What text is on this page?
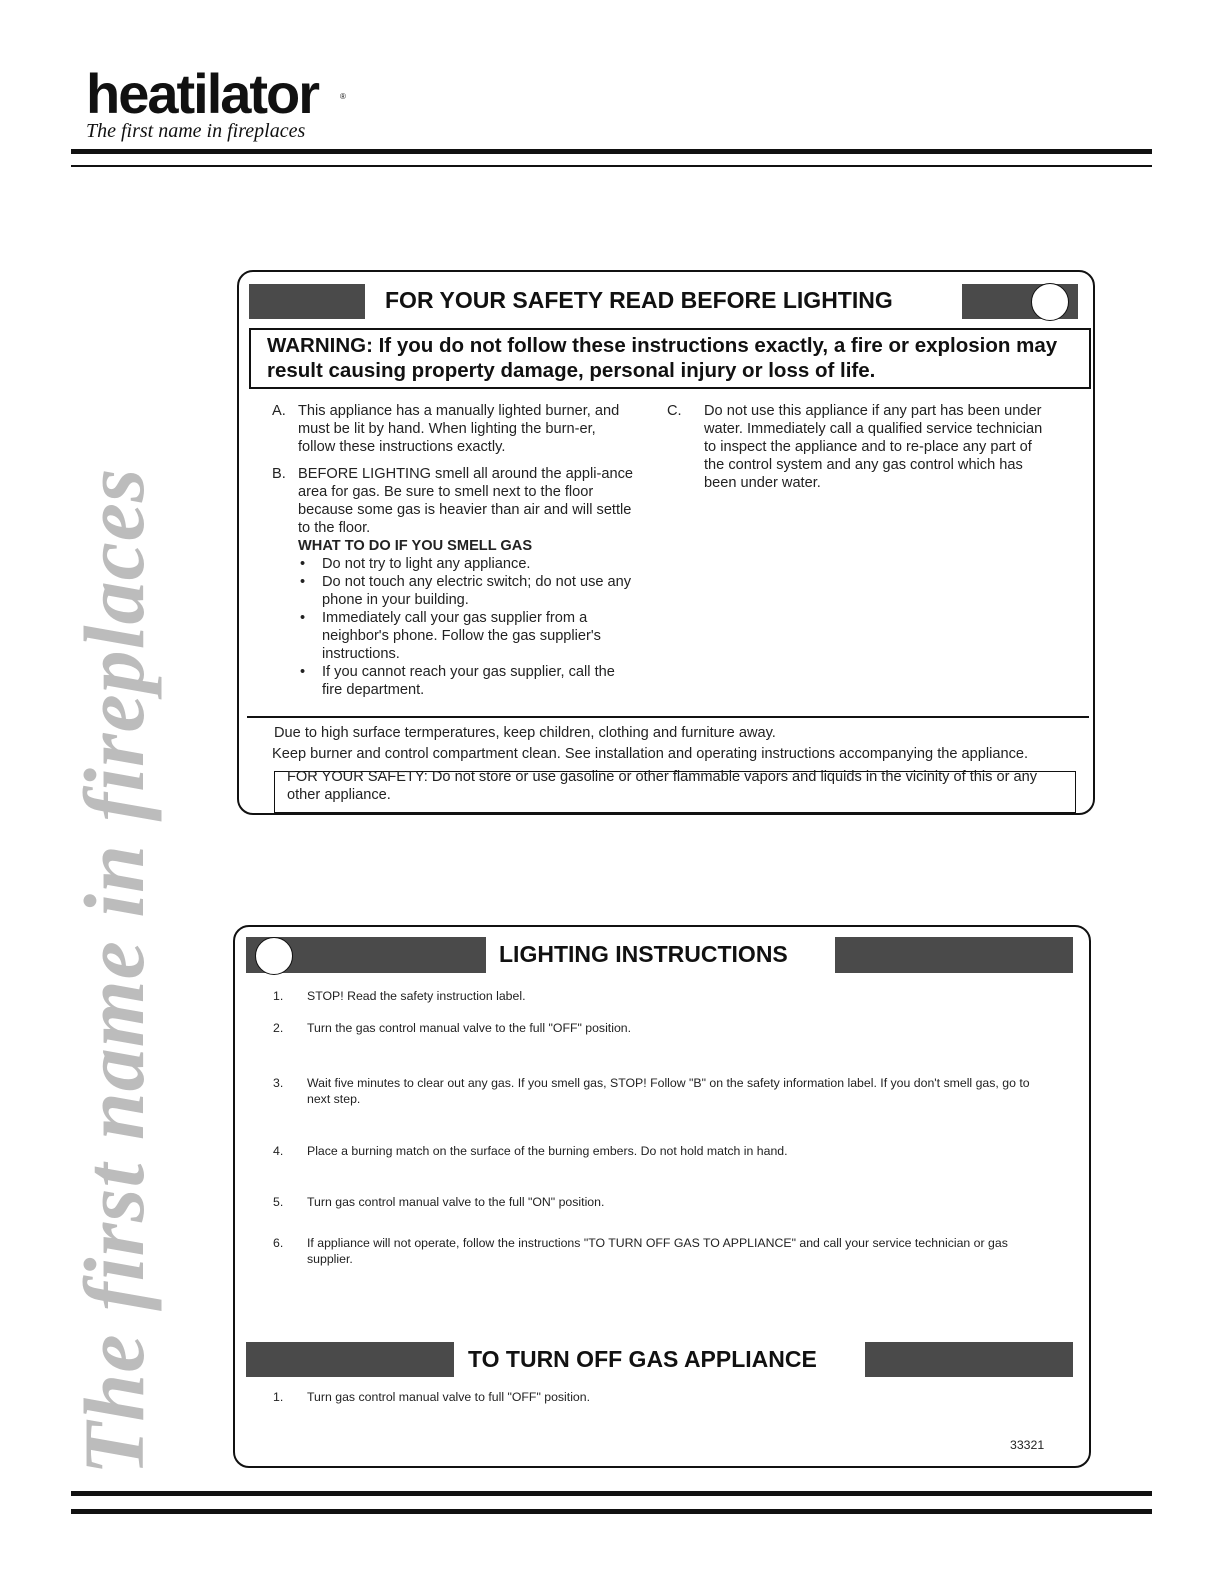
heatilator	®
The first name in fireplaces
The first name in fireplaces
FOR YOUR SAFETY READ BEFORE LIGHTING
WARNING: If you do not follow these instructions exactly, a fire or explosion may result causing property damage, personal injury or loss of life.
A. This appliance has a manually lighted burner, and must be lit by hand. When lighting the burn-er, follow these instructions exactly.

B. BEFORE LIGHTING smell all around the appli-ance area for gas. Be sure to smell next to the floor because some gas is heavier than air and will settle to the floor.

WHAT TO DO IF YOU SMELL GAS

• Do not try to light any appliance.

• Do not touch any electric switch; do not use any phone in your building.

• Immediately call your gas supplier from a neighbor's phone. Follow the gas supplier's instructions.

• If you cannot reach your gas supplier, call the fire department.

C. Do not use this appliance if any part has been under water. Immediately call a qualified service technician to inspect the appliance and to re-place any part of the control system and any gas control which has been under water.

Due to high surface termperatures, keep children, clothing and furniture away.
Keep burner and control compartment clean. See installation and operating instructions accompanying the appliance.
FOR YOUR SAFETY: Do not store or use gasoline or other flammable vapors and liquids in the vicinity of this or any other appliance.
LIGHTING INSTRUCTIONS
1. STOP! Read the safety instruction label.
2. Turn the gas control manual valve to the full "OFF" position.
3. Wait five minutes to clear out any gas. If you smell gas, STOP! Follow "B" on the safety information label. If you don't smell gas, go to next step.
4. Place a burning match on the surface of the burning embers. Do not hold match in hand.
5. Turn gas control manual valve to the full "ON" position.
6. If appliance will not operate, follow the instructions "TO TURN OFF GAS TO APPLIANCE" and call your service technician or gas supplier.
TO TURN OFF GAS APPLIANCE
1. Turn gas control manual valve to full "OFF" position.
33321
